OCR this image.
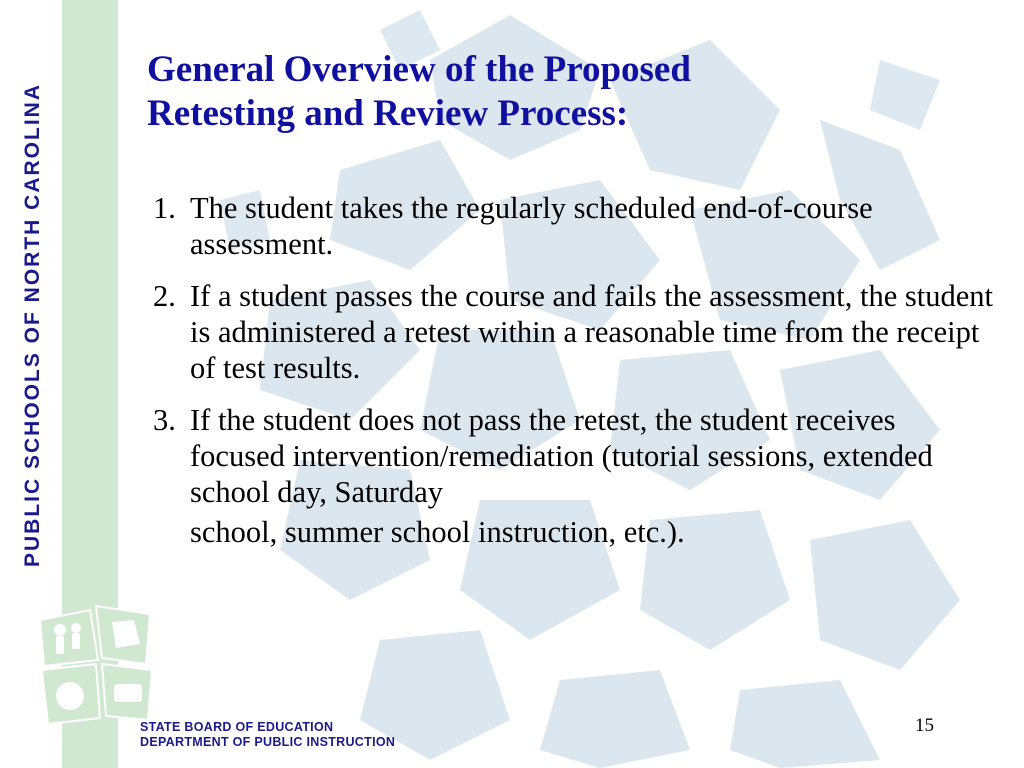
PUBLIC SCHOOLS OF NORTH CAROLINA
General Overview of the Proposed
Retesting and Review Process:
1. The student takes the regularly scheduled end-of-course assessment.
2. If a student passes the course and fails the assessment, the student is administered a retest within a reasonable time from the receipt of test results.
3. If the student does not pass the retest, the student receives focused intervention/remediation (tutorial sessions, extended school day, Saturday
school, summer school instruction, etc.).
STATE BOARD OF EDUCATION
DEPARTMENT OF PUBLIC INSTRUCTION
15
